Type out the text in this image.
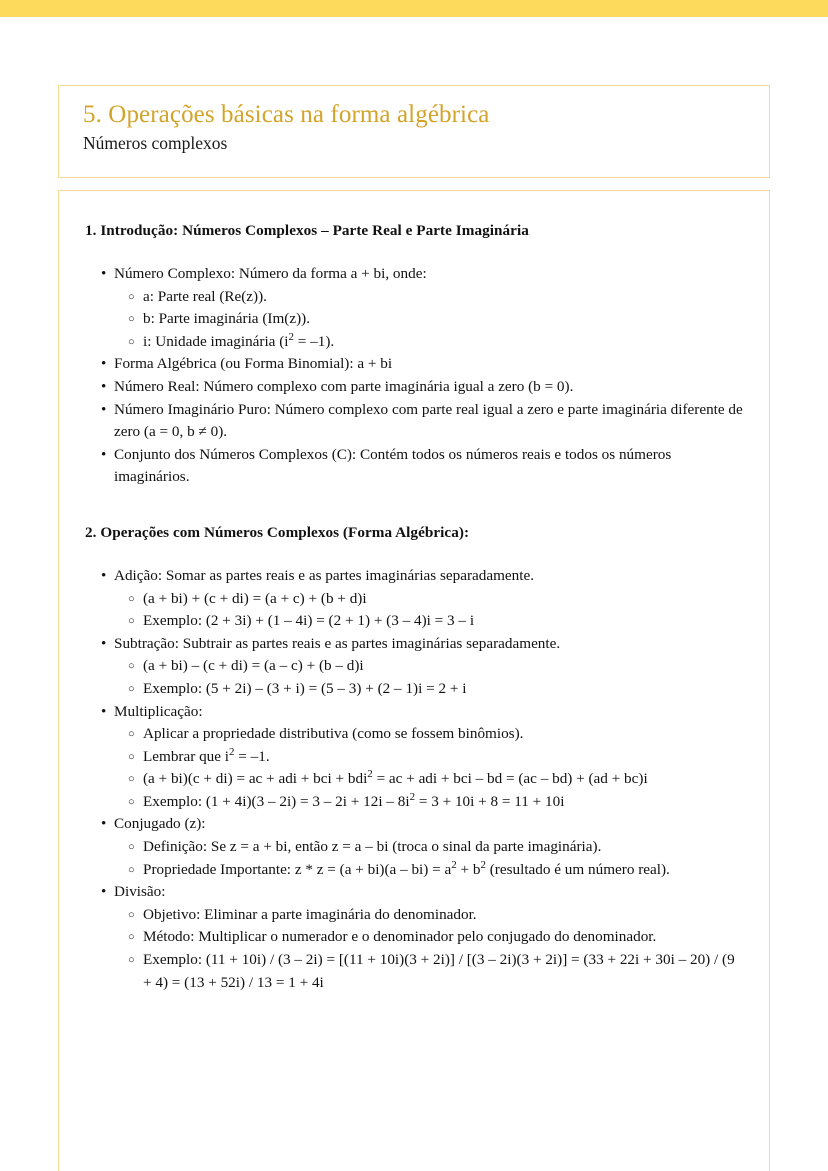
5. Operações básicas na forma algébrica
Números complexos
1. Introdução: Números Complexos – Parte Real e Parte Imaginária
• Número Complexo: Número da forma a + bi, onde:
○ a: Parte real (Re(z)).
○ b: Parte imaginária (Im(z)).
○ i: Unidade imaginária $(i^2 = -1)$.
• Forma Algébrica (ou Forma Binomial): a + bi
• Número Real: Número complexo com parte imaginária igual a zero (b = 0).
• Número Imaginário Puro: Número complexo com parte real igual a zero e parte imaginária diferente de zero (a = 0, b ≠ 0).
• Conjunto dos Números Complexos (C): Contém todos os números reais e todos os números imaginários.
2. Operações com Números Complexos (Forma Algébrica):
• Adição: Somar as partes reais e as partes imaginárias separadamente.
○ (a + bi) + (c + di) = (a + c) + (b + d)i
○ Exemplo: (2 + 3i) + (1 – 4i) = (2 + 1) + (3 – 4)i = 3 – i
• Subtração: Subtrair as partes reais e as partes imaginárias separadamente.
○ (a + bi) – (c + di) = (a – c) + (b – d)i
○ Exemplo: (5 + 2i) – (3 + i) = (5 – 3) + (2 – 1)i = 2 + i
• Multiplicação:
○ Aplicar a propriedade distributiva (como se fossem binômios).
○ Lembrar que $i^2 = -1$.
○ (a + bi)(c + di) = ac + adi + bci + bdi$^2$ = ac + adi + bci – bd = (ac – bd) + (ad + bc)i
○ Exemplo: $(1 + 4i)(3 - 2i) = 3 - 2i + 12i - 8i^2 = 3 + 10i + 8 = 11 + 10i$
• Conjugado (z):
○ Definição: Se z = a + bi, então z = a – bi (troca o sinal da parte imaginária).
○ Propriedade Importante: $z * z = (a + bi)(a - bi) = a^2 + b^2$ (resultado é um número real).
• Divisão:
○ Objetivo: Eliminar a parte imaginária do denominador.
○ Método: Multiplicar o numerador e o denominador pelo conjugado do denominador.
○ Exemplo: (11 + 10i) / (3 – 2i) = [(11 + 10i)(3 + 2i)] / [(3 – 2i)(3 + 2i)] = (33 + 22i + 30i – 20) / (9 + 4) = (13 + 52i) / 13 = 1 + 4i
